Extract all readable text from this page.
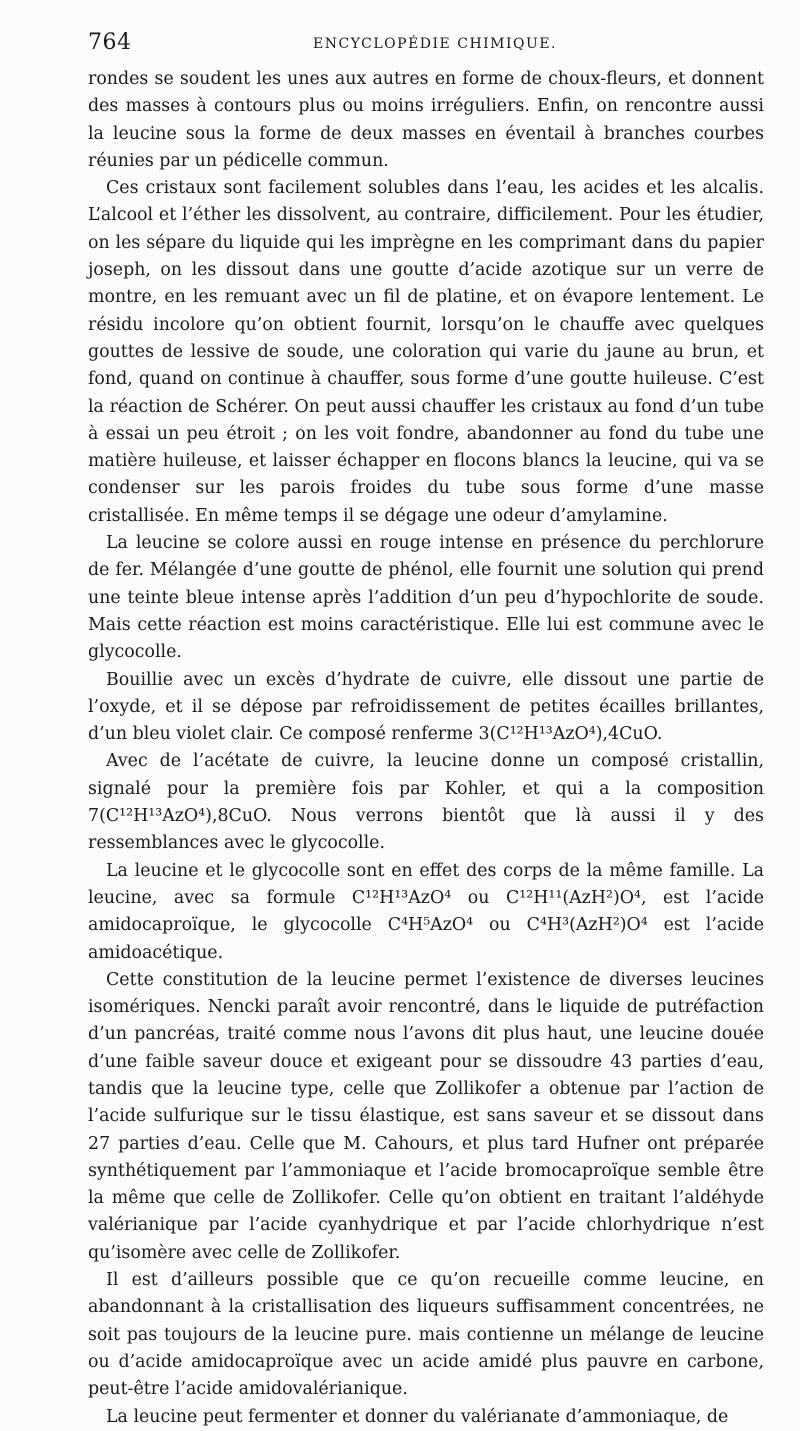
764	ENCYCLOPÉDIE CHIMIQUE.

rondes se soudent les unes aux autres en forme de choux-fleurs, et donnent des masses à contours plus ou moins irréguliers. Enfin, on rencontre aussi la leucine sous la forme de deux masses en éventail à branches courbes réunies par un pédicelle commun.

Ces cristaux sont facilement solubles dans l’eau, les acides et les alcalis. L’alcool et l’éther les dissolvent, au contraire, difficilement. Pour les étudier, on les sépare du liquide qui les imprègne en les comprimant dans du papier joseph, on les dissout dans une goutte d’acide azotique sur un verre de montre, en les remuant avec un fil de platine, et on évapore lentement. Le résidu incolore qu’on obtient fournit, lorsqu’on le chauffe avec quelques gouttes de lessive de soude, une coloration qui varie du jaune au brun, et fond, quand on continue à chauffer, sous forme d’une goutte huileuse. C’est la réaction de Schérer. On peut aussi chauffer les cristaux au fond d’un tube à essai un peu étroit ; on les voit fondre, abandonner au fond du tube une matière huileuse, et laisser échapper en flocons blancs la leucine, qui va se condenser sur les parois froides du tube sous forme d’une masse cristallisée. En même temps il se dégage une odeur d’amylamine.

La leucine se colore aussi en rouge intense en présence du perchlorure de fer. Mélangée d’une goutte de phénol, elle fournit une solution qui prend une teinte bleue intense après l’addition d’un peu d’hypochlorite de soude. Mais cette réaction est moins caractéristique. Elle lui est commune avec le glycocolle.

Bouillie avec un excès d’hydrate de cuivre, elle dissout une partie de l’oxyde, et il se dépose par refroidissement de petites écailles brillantes, d’un bleu violet clair. Ce composé renferme 3(C¹²H¹³AzO⁴),4CuO.

Avec de l’acétate de cuivre, la leucine donne un composé cristallin, signalé pour la première fois par Kohler, et qui a la composition 7(C¹²H¹³AzO⁴),8CuO. Nous verrons bientôt que là aussi il y des ressemblances avec le glycocolle.

La leucine et le glycocolle sont en effet des corps de la même famille. La leucine, avec sa formule C¹²H¹³AzO⁴ ou C¹²H¹¹(AzH²)O⁴, est l’acide amidocaproïque, le glycocolle C⁴H⁵AzO⁴ ou C⁴H³(AzH²)O⁴ est l’acide amidoacétique.

Cette constitution de la leucine permet l’existence de diverses leucines isomériques. Nencki paraît avoir rencontré, dans le liquide de putréfaction d’un pancréas, traité comme nous l’avons dit plus haut, une leucine douée d’une faible saveur douce et exigeant pour se dissoudre 43 parties d’eau, tandis que la leucine type, celle que Zollikofer a obtenue par l’action de l’acide sulfurique sur le tissu élastique, est sans saveur et se dissout dans 27 parties d’eau. Celle que M. Cahours, et plus tard Hufner ont préparée synthétiquement par l’ammoniaque et l’acide bromocaproïque semble être la même que celle de Zollikofer. Celle qu’on obtient en traitant l’aldéhyde valérianique par l’acide cyanhydrique et par l’acide chlorhydrique n’est qu’isomère avec celle de Zollikofer.

Il est d’ailleurs possible que ce qu’on recueille comme leucine, en abandonnant à la cristallisation des liqueurs suffisamment concentrées, ne soit pas toujours de la leucine pure. mais contienne un mélange de leucine ou d’acide amidocaproïque avec un acide amidé plus pauvre en carbone, peut-être l’acide amidovalérianique.

La leucine peut fermenter et donner du valérianate d’ammoniaque, de
